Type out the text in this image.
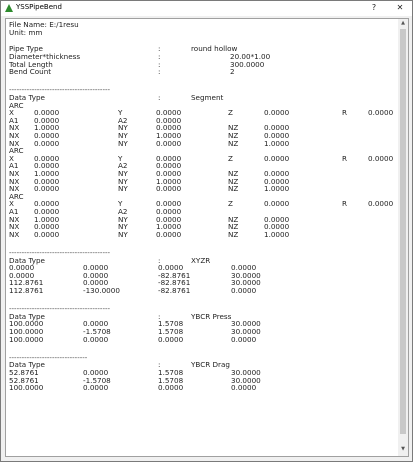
YSSPipeBend	?	✕
File Name: E:/1resu
Unit: mm
Pipe Type	:	round hollow
Diameter*thickness	:	20.00*1.00
Total Length	:	300.0000
Bend Count	:	2
----------------------------------------
Data Type	:	Segment
ARC
X	0.0000	Y	0.0000	Z	0.0000	R	0.0000
A1 0.0000	A2	0.0000
NX 1.0000	NY	0.0000	NZ	0.0000
NX 0.0000	NY	1.0000	NZ	0.0000
NX 0.0000	NY	0.0000	NZ	1.0000
ARC
X	0.0000	Y	0.0000	Z	0.0000	R	0.0000
A1 0.0000	A2	0.0000
NX 1.0000	NY	0.0000	NZ	0.0000
NX 0.0000	NY	1.0000	NZ	0.0000
NX 0.0000	NY	0.0000	NZ	1.0000
ARC
X	0.0000	Y	0.0000	Z	0.0000	R	0.0000
A1 0.0000	A2	0.0000
NX 1.0000	NY	0.0000	NZ	0.0000
NX 0.0000	NY	1.0000	NZ	0.0000
NX 0.0000	NY	0.0000	NZ	1.0000
----------------------------------------
Data Type	:	XYZR
0.0000	0.0000	0.0000	0.0000
0.0000	0.0000	-82.8761	30.0000
112.8761	0.0000	-82.8761	30.0000
112.8761	-130.0000	-82.8761	0.0000
----------------------------------------
Data Type	:	YBCR Press
100.0000	0.0000	1.5708	30.0000
100.0000	-1.5708	1.5708	30.0000
100.0000	0.0000	0.0000	0.0000
-------------------------------
Data Type	:	YBCR Drag
52.8761	0.0000	1.5708	30.0000
52.8761	-1.5708	1.5708	30.0000
100.0000	0.0000	0.0000	0.0000
▲
▼
